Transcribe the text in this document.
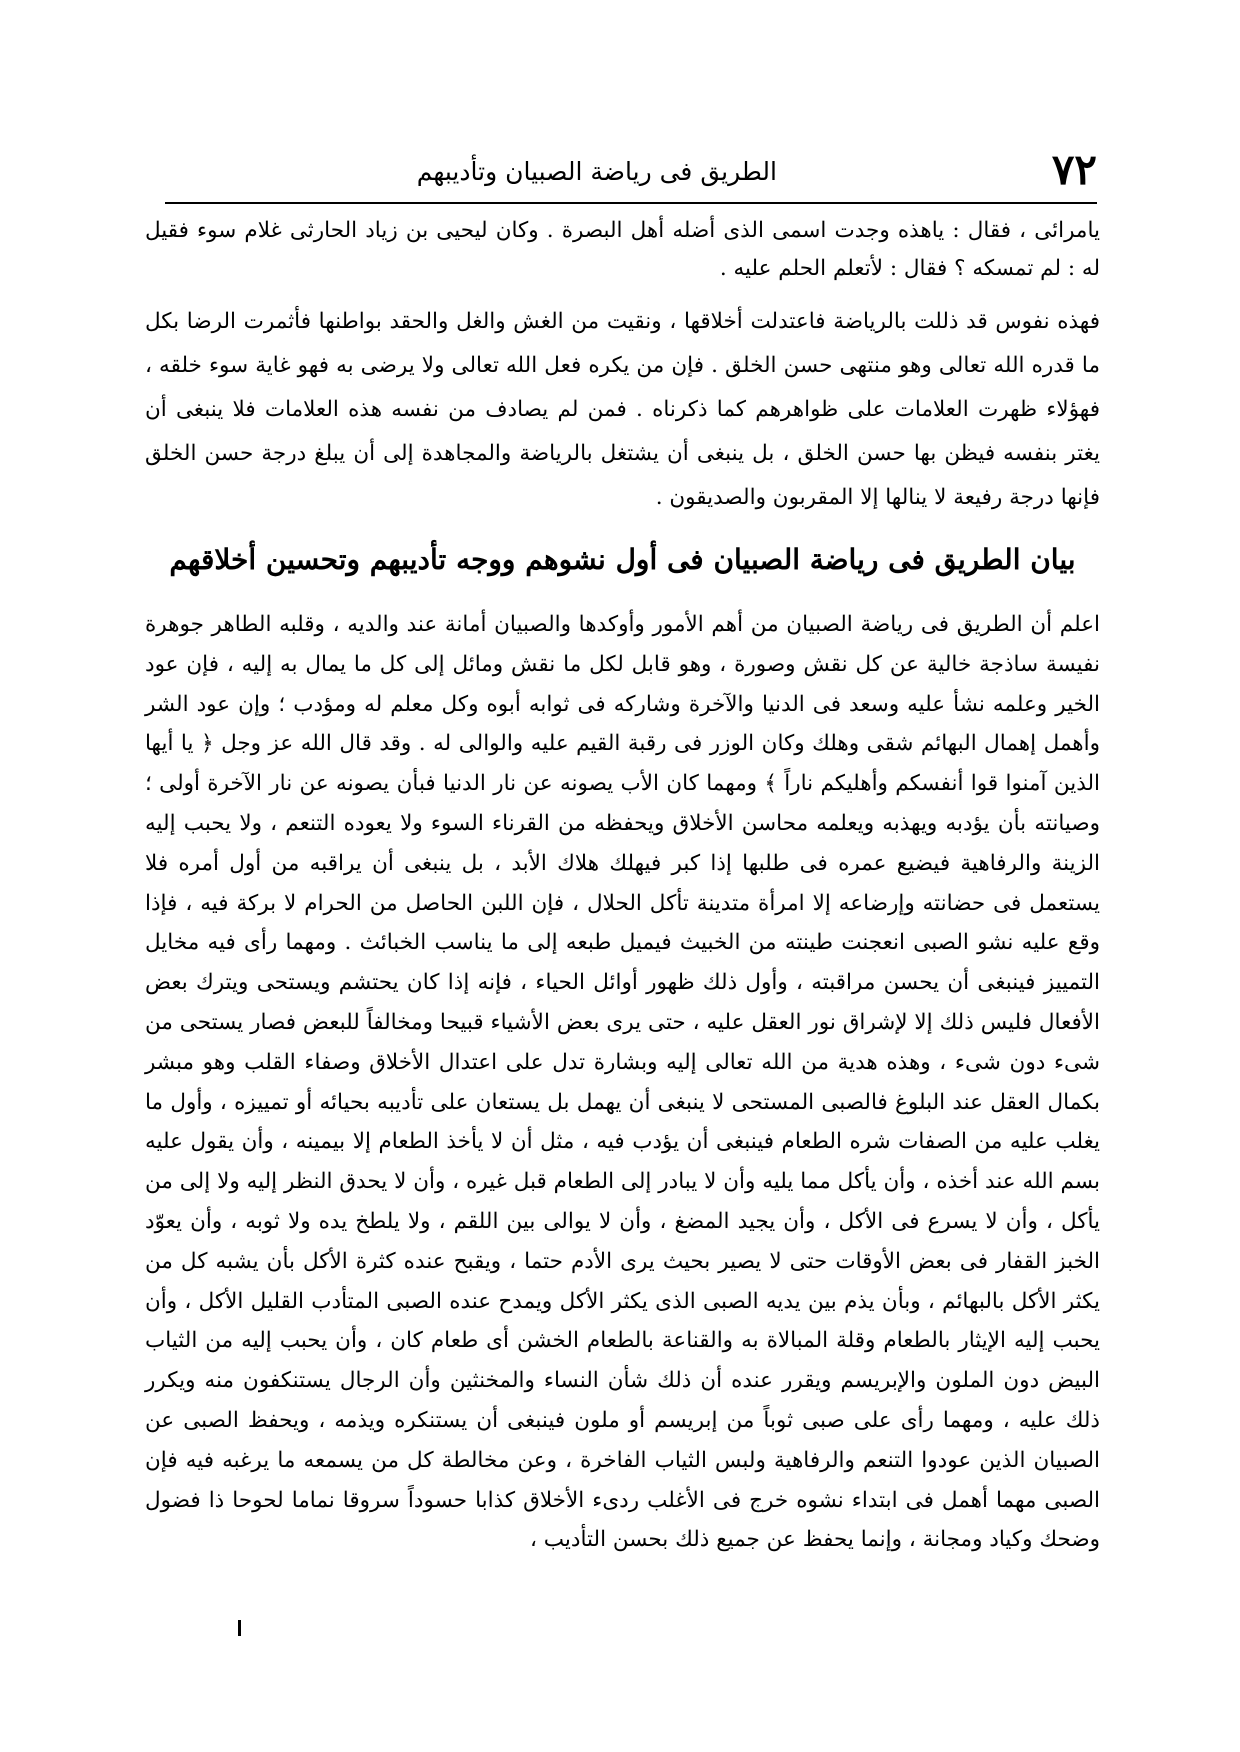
٧٢
الطريق فى رياضة الصبيان وتأديبهم

يامرائى ، فقال : ياهذه وجدت اسمى الذى أضله أهل البصرة . وكان ليحيى بن زياد الحارثى غلام سوء فقيل له : لم تمسكه ؟ فقال : لأتعلم الحلم عليه .

فهذه نفوس قد ذللت بالرياضة فاعتدلت أخلاقها ، ونقيت من الغش والغل والحقد بواطنها فأثمرت الرضا بكل ما قدره الله تعالى وهو منتهى حسن الخلق . فإن من يكره فعل الله تعالى ولا يرضى به فهو غاية سوء خلقه ، فهؤلاء ظهرت العلامات على ظواهرهم كما ذكرناه . فمن لم يصادف من نفسه هذه العلامات فلا ينبغى أن يغتر بنفسه فيظن بها حسن الخلق ، بل ينبغى أن يشتغل بالرياضة والمجاهدة إلى أن يبلغ درجة حسن الخلق فإنها درجة رفيعة لا ينالها إلا المقربون والصديقون .

بيان الطريق فى رياضة الصبيان فى أول نشوهم ووجه تأديبهم وتحسين أخلاقهم

اعلم أن الطريق فى رياضة الصبيان من أهم الأمور وأوكدها والصبيان أمانة عند والديه ، وقلبه الطاهر جوهرة نفيسة ساذجة خالية عن كل نقش وصورة ، وهو قابل لكل ما نقش ومائل إلى كل ما يمال به إليه ، فإن عود الخير وعلمه نشأ عليه وسعد فى الدنيا والآخرة وشاركه فى ثوابه أبوه وكل معلم له ومؤدب ؛ وإن عود الشر وأهمل إهمال البهائم شقى وهلك وكان الوزر فى رقبة القيم عليه والوالى له . وقد قال الله عز وجل ﴿ يا أيها الذين آمنوا قوا أنفسكم وأهليكم ناراً ﴾ ومهما كان الأب يصونه عن نار الدنيا فبأن يصونه عن نار الآخرة أولى ؛ وصيانته بأن يؤدبه ويهذبه ويعلمه محاسن الأخلاق ويحفظه من القرناء السوء ولا يعوده التنعم ، ولا يحبب إليه الزينة والرفاهية فيضيع عمره فى طلبها إذا كبر فيهلك هلاك الأبد ، بل ينبغى أن يراقبه من أول أمره فلا يستعمل فى حضانته وإرضاعه إلا امرأة متدينة تأكل الحلال ، فإن اللبن الحاصل من الحرام لا بركة فيه ، فإذا وقع عليه نشو الصبى انعجنت طينته من الخبيث فيميل طبعه إلى ما يناسب الخبائث . ومهما رأى فيه مخايل التمييز فينبغى أن يحسن مراقبته ، وأول ذلك ظهور أوائل الحياء ، فإنه إذا كان يحتشم ويستحى ويترك بعض الأفعال فليس ذلك إلا لإشراق نور العقل عليه ، حتى يرى بعض الأشياء قبيحا ومخالفاً للبعض فصار يستحى من شىء دون شىء ، وهذه هدية من الله تعالى إليه وبشارة تدل على اعتدال الأخلاق وصفاء القلب وهو مبشر بكمال العقل عند البلوغ فالصبى المستحى لا ينبغى أن يهمل بل يستعان على تأديبه بحيائه أو تمييزه ، وأول ما يغلب عليه من الصفات شره الطعام فينبغى أن يؤدب فيه ، مثل أن لا يأخذ الطعام إلا بيمينه ، وأن يقول عليه بسم الله عند أخذه ، وأن يأكل مما يليه وأن لا يبادر إلى الطعام قبل غيره ، وأن لا يحدق النظر إليه ولا إلى من يأكل ، وأن لا يسرع فى الأكل ، وأن يجيد المضغ ، وأن لا يوالى بين اللقم ، ولا يلطخ يده ولا ثوبه ، وأن يعوّد الخبز القفار فى بعض الأوقات حتى لا يصير بحيث يرى الأدم حتما ، ويقبح عنده كثرة الأكل بأن يشبه كل من يكثر الأكل بالبهائم ، وبأن يذم بين يديه الصبى الذى يكثر الأكل ويمدح عنده الصبى المتأدب القليل الأكل ، وأن يحبب إليه الإيثار بالطعام وقلة المبالاة به والقناعة بالطعام الخشن أى طعام كان ، وأن يحبب إليه من الثياب البيض دون الملون والإبريسم ويقرر عنده أن ذلك شأن النساء والمخنثين وأن الرجال يستنكفون منه ويكرر ذلك عليه ، ومهما رأى على صبى ثوباً من إبريسم أو ملون فينبغى أن يستنكره ويذمه ، ويحفظ الصبى عن الصبيان الذين عودوا التنعم والرفاهية ولبس الثياب الفاخرة ، وعن مخالطة كل من يسمعه ما يرغبه فيه فإن الصبى مهما أهمل فى ابتداء نشوه خرج فى الأغلب ردىء الأخلاق كذابا حسوداً سروقا نماما لحوحا ذا فضول وضحك وكياد ومجانة ، وإنما يحفظ عن جميع ذلك بحسن التأديب ،
